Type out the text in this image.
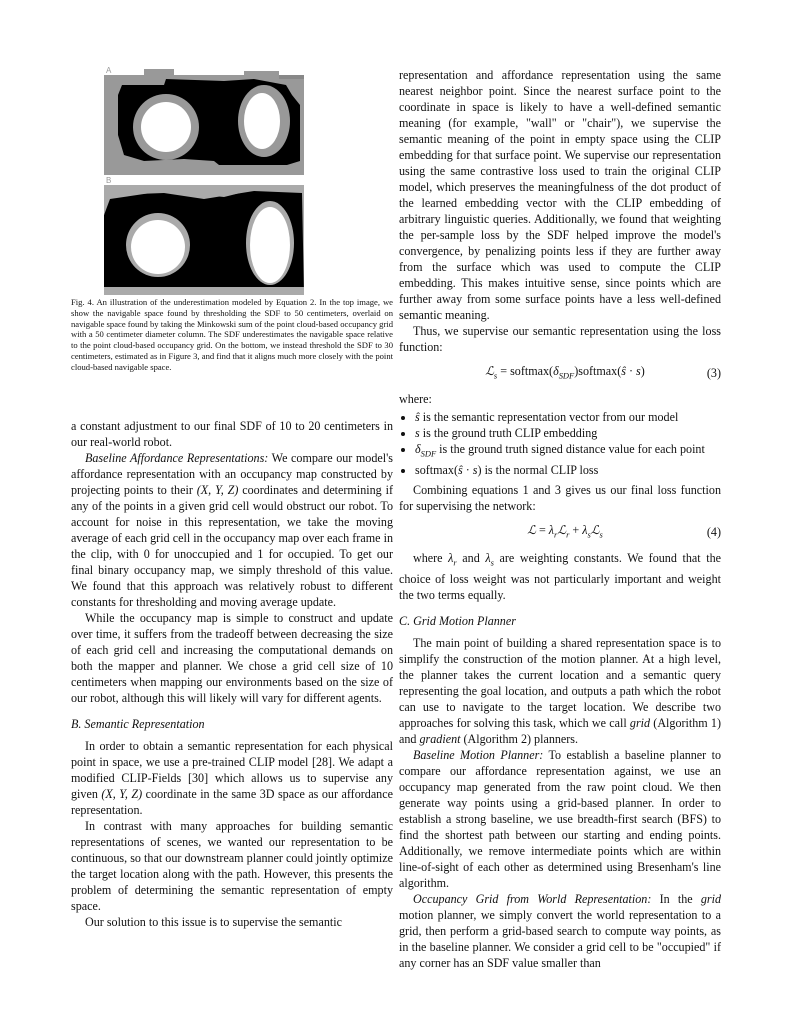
A
B
Fig. 4. An illustration of the underestimation modeled by Equation 2. In the top image, we show the navigable space found by thresholding the SDF to 50 centimeters, overlaid on navigable space found by taking the Minkowski sum of the point cloud-based occupancy grid with a 50 centimeter diameter column. The SDF underestimates the navigable space relative to the point cloud-based occupancy grid. On the bottom, we instead threshold the SDF to 30 centimeters, estimated as in Figure 3, and find that it aligns much more closely with the point cloud-based navigable space.

a constant adjustment to our final SDF of 10 to 20 centimeters in our real-world robot.

Baseline Affordance Representations: We compare our model's affordance representation with an occupancy map constructed by projecting points to their (X, Y, Z) coordinates and determining if any of the points in a given grid cell would obstruct our robot. To account for noise in this representation, we take the moving average of each grid cell in the occupancy map over each frame in the clip, with 0 for unoccupied and 1 for occupied. To get our final binary occupancy map, we simply threshold of this value. We found that this approach was relatively robust to different constants for thresholding and moving average update.

While the occupancy map is simple to construct and update over time, it suffers from the tradeoff between decreasing the size of each grid cell and increasing the computational demands on both the mapper and planner. We chose a grid cell size of 10 centimeters when mapping our environments based on the size of our robot, although this will likely will vary for different agents.

B. Semantic Representation

In order to obtain a semantic representation for each physical point in space, we use a pre-trained CLIP model [28]. We adapt a modified CLIP-Fields [30] which allows us to supervise any given (X, Y, Z) coordinate in the same 3D space as our affordance representation.

In contrast with many approaches for building semantic representations of scenes, we wanted our representation to be continuous, so that our downstream planner could jointly optimize the target location along with the path. However, this presents the problem of determining the semantic representation of empty space.

Our solution to this issue is to supervise the semantic

representation and affordance representation using the same nearest neighbor point. Since the nearest surface point to the coordinate in space is likely to have a well-defined semantic meaning (for example, "wall" or "chair"), we supervise the semantic meaning of the point in empty space using the CLIP embedding for that surface point. We supervise our representation using the same contrastive loss used to train the original CLIP model, which preserves the meaningfulness of the dot product of the learned embedding vector with the CLIP embedding of arbitrary linguistic queries. Additionally, we found that weighting the per-sample loss by the SDF helped improve the model's convergence, by penalizing points less if they are further away from the surface which was used to compute the CLIP embedding. This makes intuitive sense, since points which are further away from some surface points have a less well-defined semantic meaning.

Thus, we supervise our semantic representation using the loss function:

ℒ$_s$ = $softmax(\delta_{SDF})softmax(ŝ \cdot s)$	(3)

where:

• ŝ is the semantic representation vector from our model
• s is the ground truth CLIP embedding
• $\delta_{SDF}$ is the ground truth signed distance value for each point
• softmax(ŝ · s) is the normal CLIP loss

Combining equations 1 and 3 gives us our final loss function for supervising the network:

ℒ = $\lambda_rℒ_r$ + $\lambda_sℒ_s$	(4)

where $\lambda_r$ and $\lambda_s$ are weighting constants. We found that the choice of loss weight was not particularly important and weight the two terms equally.

C. Grid Motion Planner

The main point of building a shared representation space is to simplify the construction of the motion planner. At a high level, the planner takes the current location and a semantic query representing the goal location, and outputs a path which the robot can use to navigate to the target location. We describe two approaches for solving this task, which we call grid (Algorithm 1) and gradient (Algorithm 2) planners.

Baseline Motion Planner: To establish a baseline planner to compare our affordance representation against, we use an occupancy map generated from the raw point cloud. We then generate way points using a grid-based planner. In order to establish a strong baseline, we use breadth-first search (BFS) to find the shortest path between our starting and ending points. Additionally, we remove intermediate points which are within line-of-sight of each other as determined using Bresenham's line algorithm.

Occupancy Grid from World Representation: In the grid motion planner, we simply convert the world representation to a grid, then perform a grid-based search to compute way points, as in the baseline planner. We consider a grid cell to be "occupied" if any corner has an SDF value smaller than
